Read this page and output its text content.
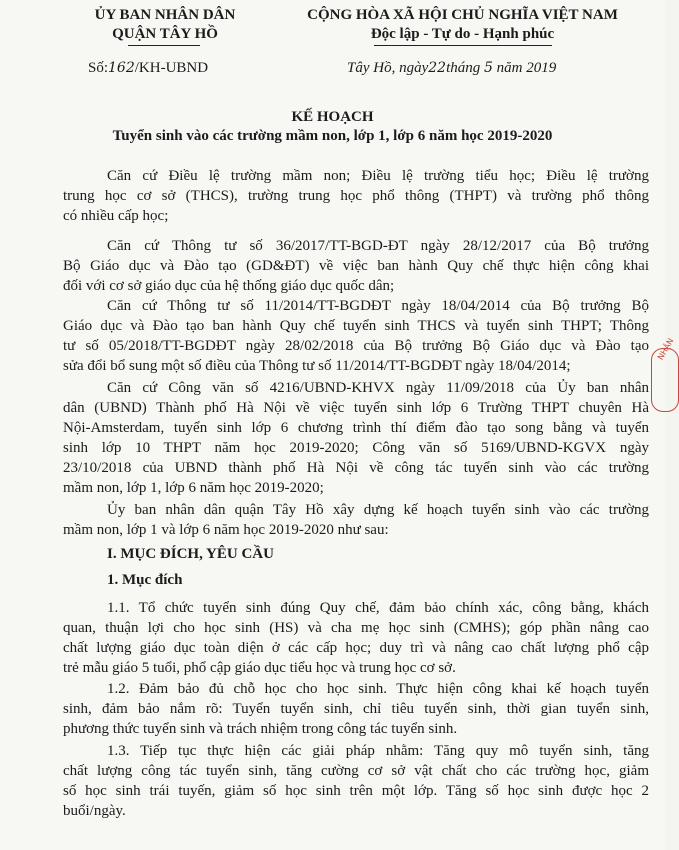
ỦY BAN NHÂN DÂN
QUẬN TÂY HỒ
CỘNG HÒA XÃ HỘI CHỦ NGHĨA VIỆT NAM
Độc lập - Tự do - Hạnh phúc
Số:162/KH-UBND	Tây Hồ, ngày22tháng 5 năm 2019
KẾ HOẠCH
Tuyển sinh vào các trường mầm non, lớp 1, lớp 6 năm học 2019-2020
Căn cứ Điều lệ trường mầm non; Điều lệ trường tiểu học; Điều lệ trường
trung học cơ sở (THCS), trường trung học phổ thông (THPT) và trường phổ thông
có nhiều cấp học;
Căn cứ Thông tư số 36/2017/TT-BGD-ĐT ngày 28/12/2017 của Bộ trưởng
Bộ Giáo dục và Đào tạo (GD&ĐT) về việc ban hành Quy chế thực hiện công khai
đối với cơ sở giáo dục của hệ thống giáo dục quốc dân;
Căn cứ Thông tư số 11/2014/TT-BGDĐT ngày 18/04/2014 của Bộ trưởng Bộ
Giáo dục và Đào tạo ban hành Quy chế tuyển sinh THCS và tuyển sinh THPT; Thông
tư số 05/2018/TT-BGDĐT ngày 28/02/2018 của Bộ trưởng Bộ Giáo dục và Đào tạo
sửa đổi bổ sung một số điều của Thông tư số 11/2014/TT-BGDĐT ngày 18/04/2014;
Căn cứ Công văn số 4216/UBND-KHVX ngày 11/09/2018 của Ủy ban nhân
dân (UBND) Thành phố Hà Nội về việc tuyển sinh lớp 6 Trường THPT chuyên Hà
Nội-Amsterdam, tuyển sinh lớp 6 chương trình thí điểm đào tạo song bằng và tuyển
sinh lớp 10 THPT năm học 2019-2020; Công văn số 5169/UBND-KGVX ngày
23/10/2018 của UBND thành phố Hà Nội về công tác tuyển sinh vào các trường
mầm non, lớp 1, lớp 6 năm học 2019-2020;
Ủy ban nhân dân quận Tây Hồ xây dựng kế hoạch tuyển sinh vào các trường
mầm non, lớp 1 và lớp 6 năm học 2019-2020 như sau:
I. MỤC ĐÍCH, YÊU CẦU
1. Mục đích
1.1. Tổ chức tuyển sinh đúng Quy chế, đảm bảo chính xác, công bằng, khách
quan, thuận lợi cho học sinh (HS) và cha mẹ học sinh (CMHS); góp phần nâng cao
chất lượng giáo dục toàn diện ở các cấp học; duy trì và nâng cao chất lượng phổ cập
trẻ mẫu giáo 5 tuổi, phổ cập giáo dục tiểu học và trung học cơ sở.
1.2. Đảm bảo đủ chỗ học cho học sinh. Thực hiện công khai kế hoạch tuyển
sinh, đảm bảo nắm rõ: Tuyển tuyển sinh, chỉ tiêu tuyển sinh, thời gian tuyển sinh,
phương thức tuyển sinh và trách nhiệm trong công tác tuyển sinh.
1.3. Tiếp tục thực hiện các giải pháp nhằm: Tăng quy mô tuyển sinh, tăng
chất lượng công tác tuyển sinh, tăng cường cơ sở vật chất cho các trường học, giảm
số học sinh trái tuyến, giảm số học sinh trên một lớp. Tăng số học sinh được học 2
buổi/ngày.
NHẬN
